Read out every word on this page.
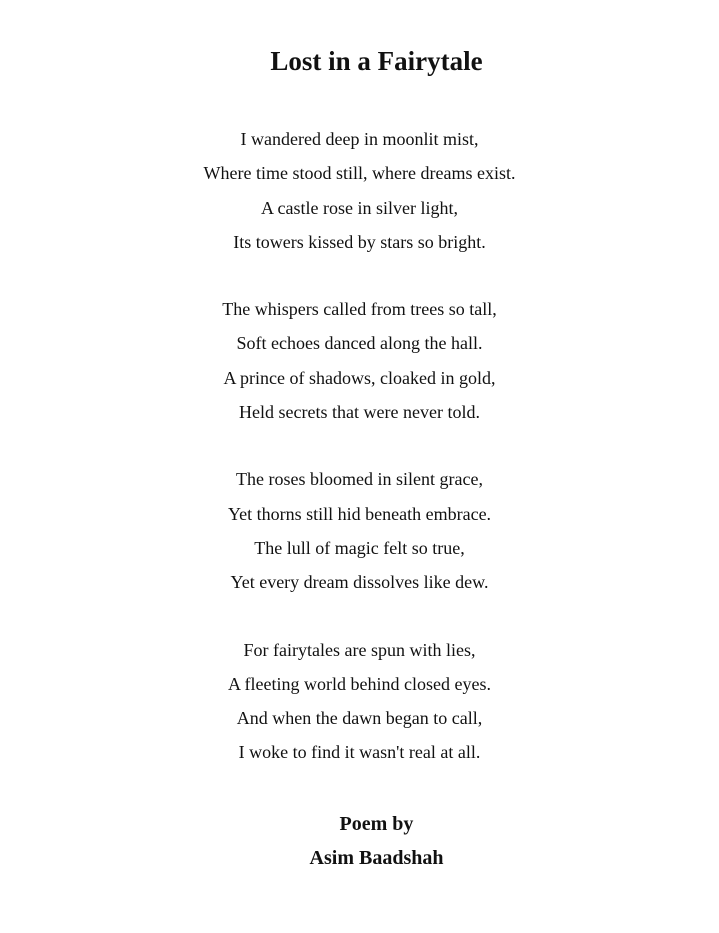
Lost in a Fairytale
I wandered deep in moonlit mist,
Where time stood still, where dreams exist.
A castle rose in silver light,
Its towers kissed by stars so bright.
The whispers called from trees so tall,
Soft echoes danced along the hall.
A prince of shadows, cloaked in gold,
Held secrets that were never told.
The roses bloomed in silent grace,
Yet thorns still hid beneath embrace.
The lull of magic felt so true,
Yet every dream dissolves like dew.
For fairytales are spun with lies,
A fleeting world behind closed eyes.
And when the dawn began to call,
I woke to find it wasn't real at all.
Poem by
Asim Baadshah
